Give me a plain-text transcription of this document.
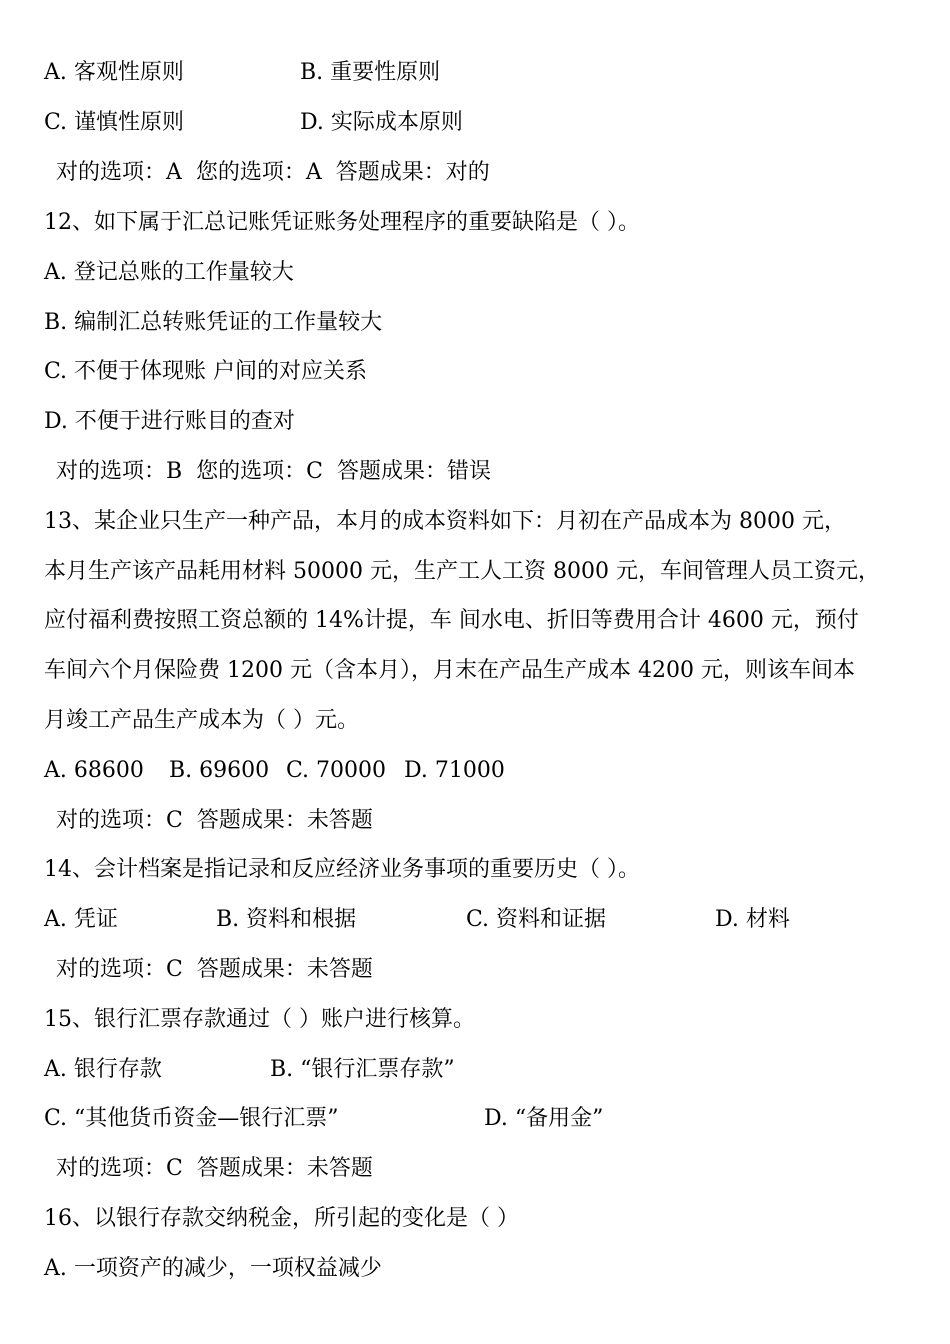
A. 客观性原则	B. 重要性原则
C. 谨慎性原则	D. 实际成本原则
对的选项：A  您的选项：A  答题成果：对的
12、如下属于汇总记账凭证账务处理程序的重要缺陷是（ ）。
A. 登记总账的工作量较大
B. 编制汇总转账凭证的工作量较大
C. 不便于体现账 户间的对应关系
D. 不便于进行账目的查对
对的选项：B  您的选项：C  答题成果：错误
13、某企业只生产一种产品，本月的成本资料如下：月初在产品成本为 8000 元，
本月生产该产品耗用材料 50000 元，生产工人工资 8000 元，车间管理人员工资元，
应付福利费按照工资总额的 14%计提，车 间水电、折旧等费用合计 4600 元，预付
车间六个月保险费 1200 元（含本月），月末在产品生产成本 4200 元，则该车间本
月竣工产品生产成本为（ ）元。
A. 68600 B. 69600 C. 70000 D. 71000
对的选项：C  答题成果：未答题
14、会计档案是指记录和反应经济业务事项的重要历史（ ）。
A. 凭证	B. 资料和根据	C. 资料和证据	D. 材料
对的选项：C  答题成果：未答题
15、银行汇票存款通过（ ）账户进行核算。
A. 银行存款	B. “银行汇票存款”
C. “其他货币资金—银行汇票”	D. “备用金”
对的选项：C  答题成果：未答题
16、以银行存款交纳税金，所引起的变化是（ ）
A. 一项资产的减少，一项权益减少
